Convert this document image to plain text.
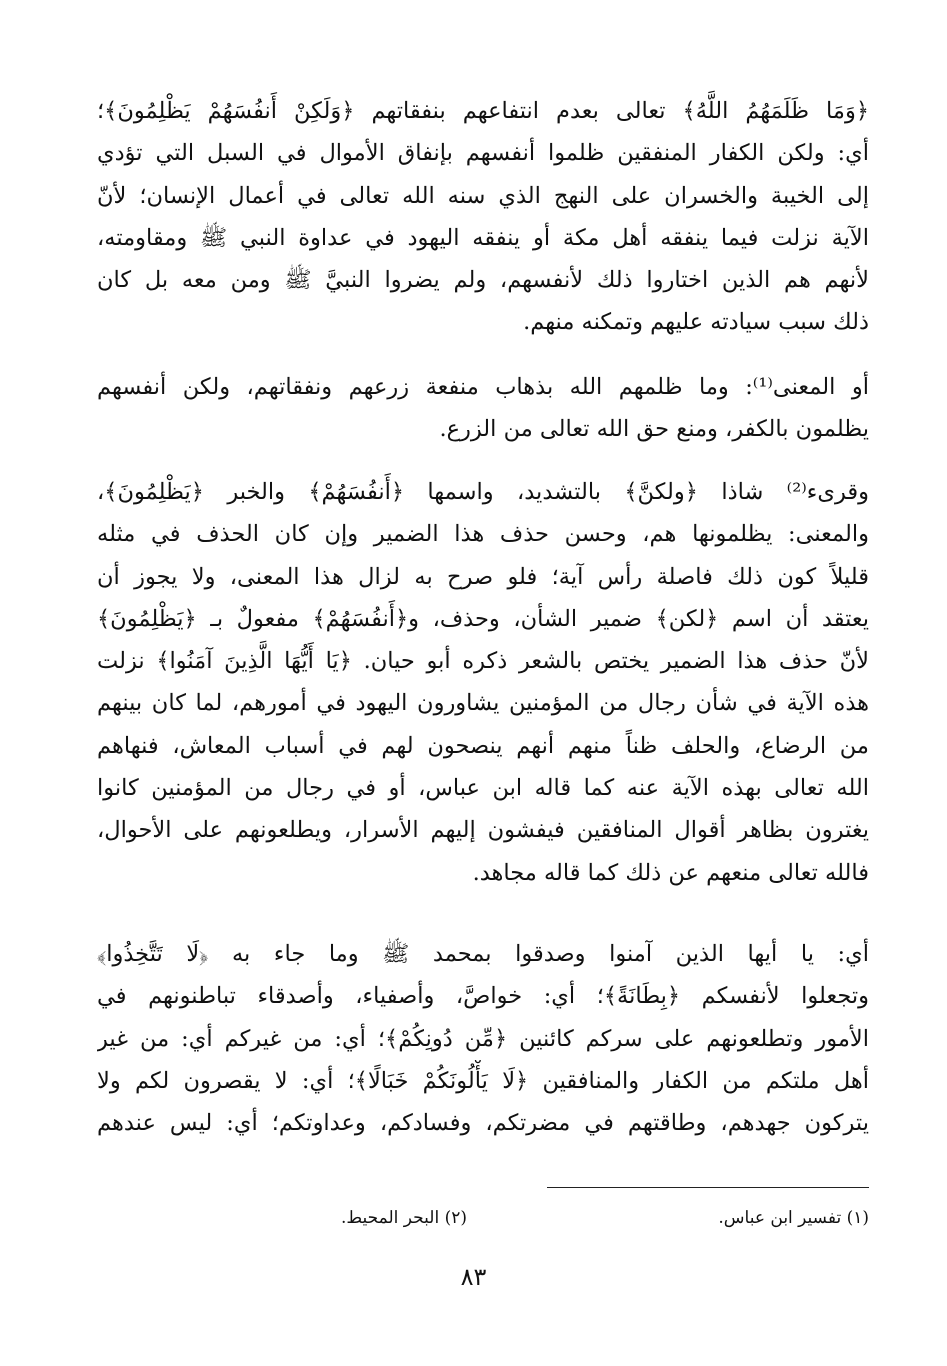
﴿وَمَا ظَلَمَهُمُ اللَّهُ﴾ تعالى بعدم انتفاعهم بنفقاتهم ﴿وَلَكِنْ أَنفُسَهُمْ يَظْلِمُونَ﴾؛
أي: ولكن الكفار المنفقين ظلموا أنفسهم بإنفاق الأموال في السبل التي تؤدي
إلى الخيبة والخسران على النهج الذي سنه الله تعالى في أعمال الإنسان؛ لأنّ
الآية نزلت فيما ينفقه أهل مكة أو ينفقه اليهود في عداوة النبي ﷺ ومقاومته،
لأنهم هم الذين اختاروا ذلك لأنفسهم، ولم يضروا النبيَّ ﷺ ومن معه بل كان
ذلك سبب سيادته عليهم وتمكنه منهم.
أو المعنى⁽¹⁾: وما ظلمهم الله بذهاب منفعة زرعهم ونفقاتهم، ولكن أنفسهم
يظلمون بالكفر، ومنع حق الله تعالى من الزرع.
وقرىء⁽²⁾ شاذا ﴿ولكنَّ﴾ بالتشديد، واسمها ﴿أَنفُسَهُمْ﴾ والخبر ﴿يَظْلِمُونَ﴾،
والمعنى: يظلمونها هم، وحسن حذف هذا الضمير وإن كان الحذف في مثله
قليلاً كون ذلك فاصلة رأس آية؛ فلو صرح به لزال هذا المعنى، ولا يجوز أن
يعتقد أن اسم ﴿لكن﴾ ضمير الشأن، وحذف، و﴿أَنفُسَهُمْ﴾ مفعولٌ بـ ﴿يَظْلِمُونَ﴾
لأنّ حذف هذا الضمير يختص بالشعر ذكره أبو حيان. ﴿يَا أَيُّهَا الَّذِينَ آمَنُوا﴾ نزلت
هذه الآية في شأن رجال من المؤمنين يشاورون اليهود في أمورهم، لما كان بينهم
من الرضاع، والحلف ظناً منهم أنهم ينصحون لهم في أسباب المعاش، فنهاهم
الله تعالى بهذه الآية عنه كما قاله ابن عباس، أو في رجال من المؤمنين كانوا
يغترون بظاهر أقوال المنافقين فيفشون إليهم الأسرار، ويطلعونهم على الأحوال،
فالله تعالى منعهم عن ذلك كما قاله مجاهد.
أي: يا أيها الذين آمنوا وصدقوا بمحمد ﷺ وما جاء به ﴿لَا تَتَّخِذُوا﴾
وتجعلوا لأنفسكم ﴿بِطَانَةً﴾؛ أي: خواصَّ، وأصفياء، وأصدقاء تباطنونهم في
الأمور وتطلعونهم على سركم كائنين ﴿مِّن دُونِكُمْ﴾؛ أي: من غيركم أي: من غير
أهل ملتكم من الكفار والمنافقين ﴿لَا يَأْلُونَكُمْ خَبَالًا﴾؛ أي: لا يقصرون لكم ولا
يتركون جهدهم، وطاقتهم في مضرتكم، وفسادكم، وعداوتكم؛ أي: ليس عندهم
(١) تفسير ابن عباس.
(٢) البحر المحيط.
٨٣
